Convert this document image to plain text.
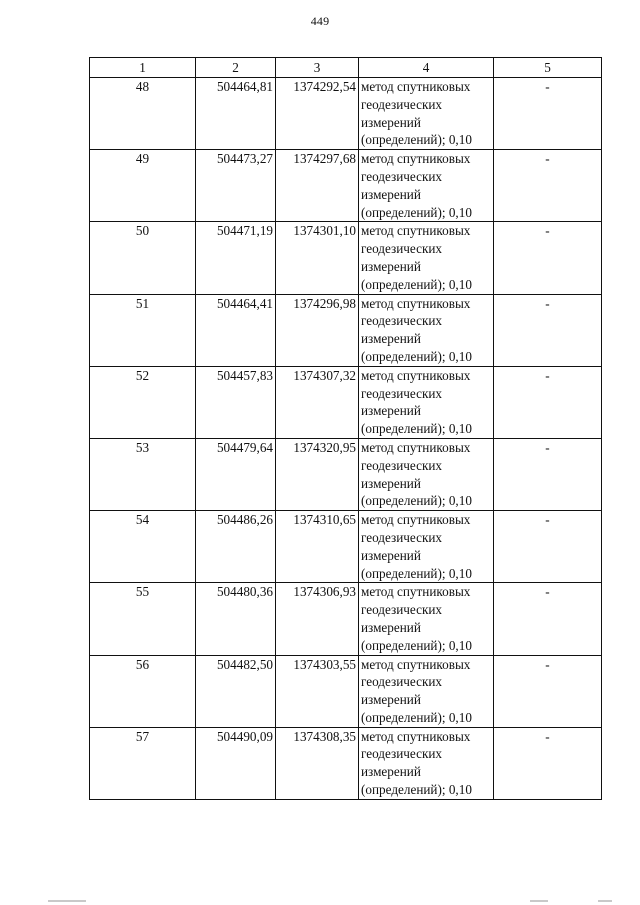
449
1	2	3	4	5
48	504464,81	1374292,54	метод спутниковых
геодезических
измерений
(определений); 0,10	-
49	504473,27	1374297,68	метод спутниковых
геодезических
измерений
(определений); 0,10	-
50	504471,19	1374301,10	метод спутниковых
геодезических
измерений
(определений); 0,10	-
51	504464,41	1374296,98	метод спутниковых
геодезических
измерений
(определений); 0,10	-
52	504457,83	1374307,32	метод спутниковых
геодезических
измерений
(определений); 0,10	-
53	504479,64	1374320,95	метод спутниковых
геодезических
измерений
(определений); 0,10	-
54	504486,26	1374310,65	метод спутниковых
геодезических
измерений
(определений); 0,10	-
55	504480,36	1374306,93	метод спутниковых
геодезических
измерений
(определений); 0,10	-
56	504482,50	1374303,55	метод спутниковых
геодезических
измерений
(определений); 0,10	-
57	504490,09	1374308,35	метод спутниковых
геодезических
измерений
(определений); 0,10	-
